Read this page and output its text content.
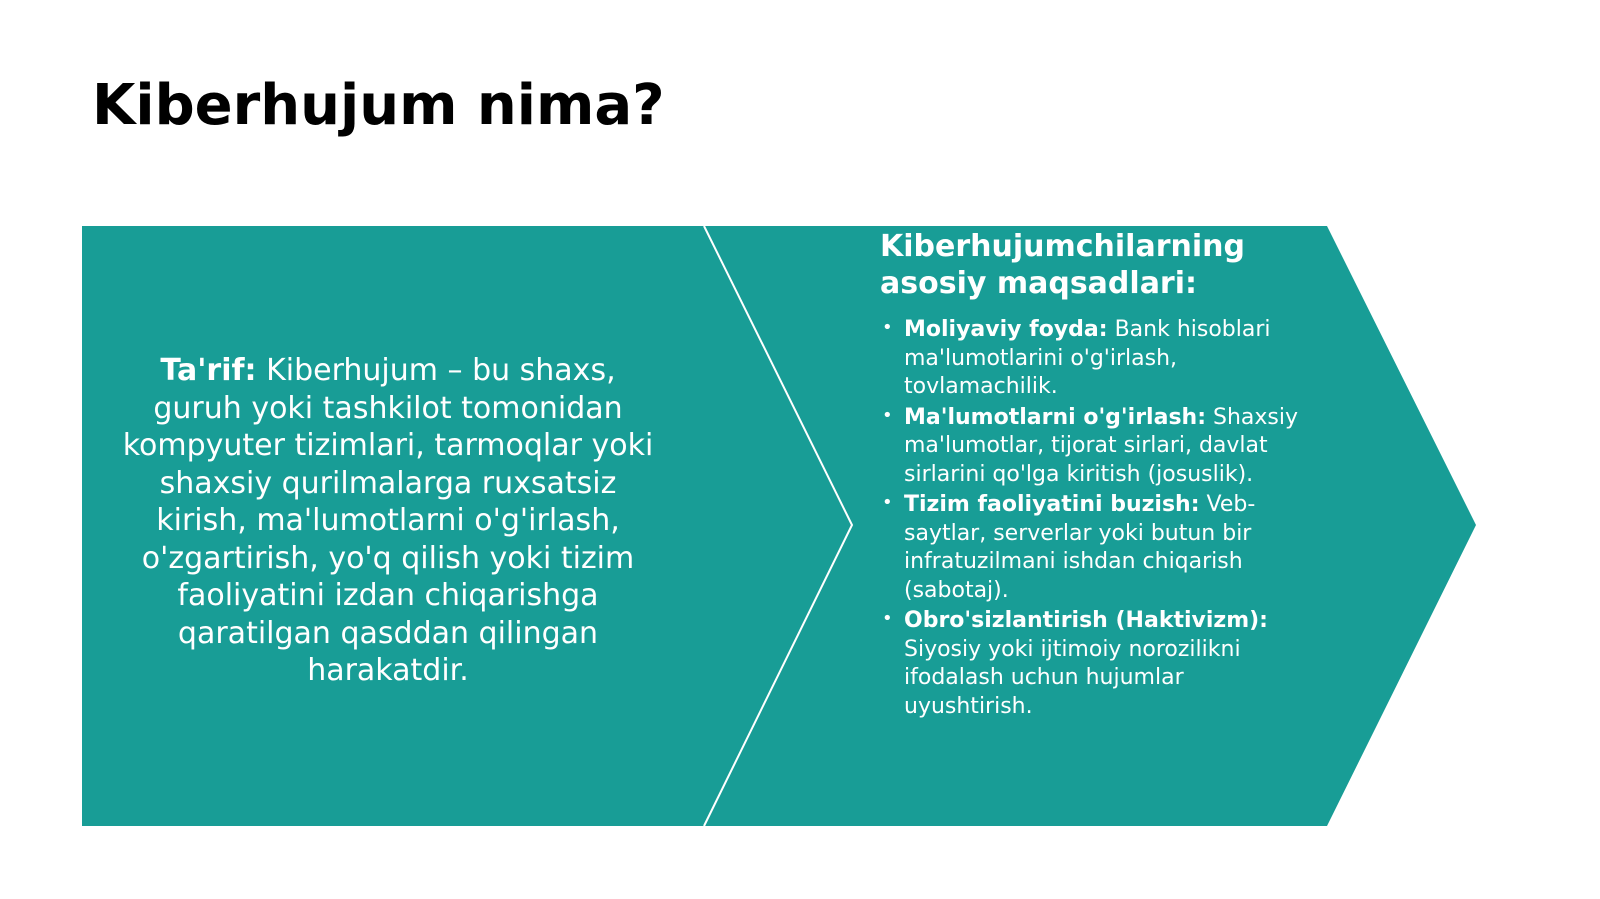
Kiberhujum nima?
Ta'rif: Kiberhujum – bu shaxs, guruh yoki tashkilot tomonidan kompyuter tizimlari, tarmoqlar yoki shaxsiy qurilmalarga ruxsatsiz kirish, ma'lumotlarni o'g'irlash, o'zgartirish, yo'q qilish yoki tizim faoliyatini izdan chiqarishga qaratilgan qasddan qilingan harakatdir.
Kiberhujumchilarning asosiy maqsadlari:
• Moliyaviy foyda: Bank hisoblari ma'lumotlarini o'g'irlash, tovlamachilik.
• Ma'lumotlarni o'g'irlash: Shaxsiy ma'lumotlar, tijorat sirlari, davlat sirlarini qo'lga kiritish (josuslik).
• Tizim faoliyatini buzish: Veb-saytlar, serverlar yoki butun bir infratuzilmani ishdan chiqarish (sabotaj).
• Obro'sizlantirish (Haktivizm): Siyosiy yoki ijtimoiy norozilikni ifodalash uchun hujumlar uyushtirish.
